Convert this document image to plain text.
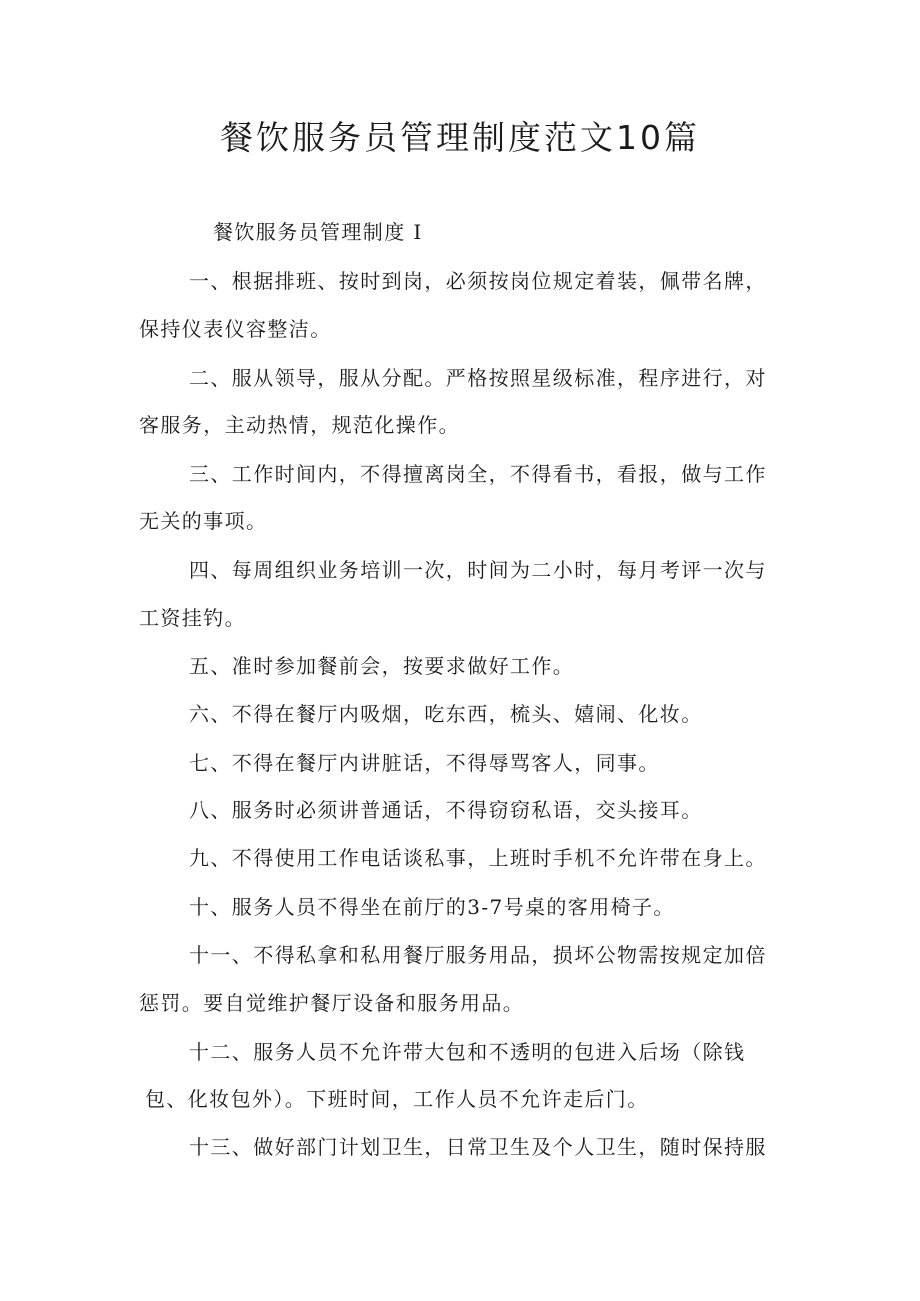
餐饮服务员管理制度范文10篇

餐饮服务员管理制度 I

一、根据排班、按时到岗，必须按岗位规定着装，佩带名牌，

保持仪表仪容整洁。

二、服从领导，服从分配。严格按照星级标准，程序进行，对

客服务，主动热情，规范化操作。

三、工作时间内，不得擅离岗全，不得看书，看报，做与工作

无关的事项。

四、每周组织业务培训一次，时间为二小时，每月考评一次与

工资挂钓。

五、准时参加餐前会，按要求做好工作。

六、不得在餐厅内吸烟，吃东西，梳头、嬉闹、化妆。

七、不得在餐厅内讲脏话，不得辱骂客人，同事。

八、服务时必须讲普通话，不得窃窃私语，交头接耳。

九、不得使用工作电话谈私事，上班时手机不允许带在身上。

十、服务人员不得坐在前厅的3-7号桌的客用椅子。

十一、不得私拿和私用餐厅服务用品，损坏公物需按规定加倍

惩罚。要自觉维护餐厅设备和服务用品。

十二、服务人员不允许带大包和不透明的包进入后场（除钱

包、化妆包外）。下班时间，工作人员不允许走后门。

十三、做好部门计划卫生，日常卫生及个人卫生，随时保持服
